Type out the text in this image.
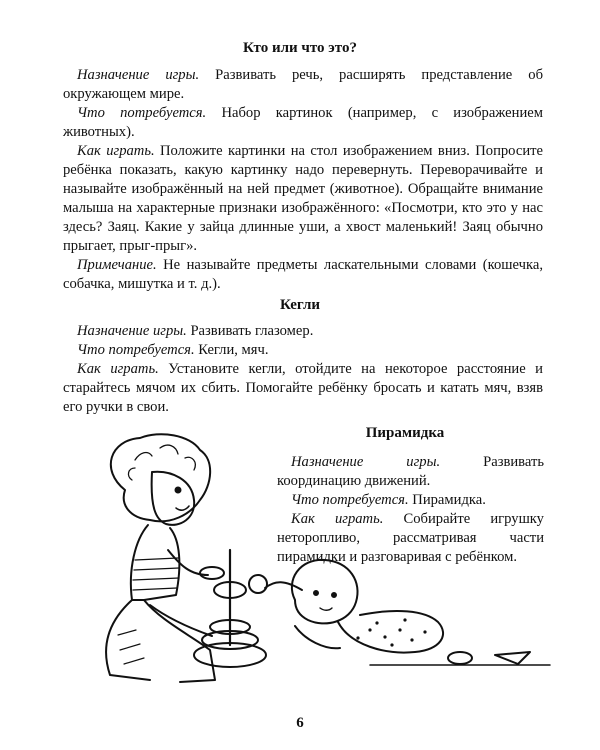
Кто или что это?

Назначение игры. Развивать речь, расширять представление об окружающем мире.

Что потребуется. Набор картинок (например, с изображением животных).

Как играть. Положите картинки на стол изображением вниз. Попросите ребёнка показать, какую картинку надо перевернуть. Переворачивайте и называйте изображённый на ней предмет (животное). Обращайте внимание малыша на характерные признаки изображённого: «Посмотри, кто это у нас здесь? Заяц. Какие у зайца длинные уши, а хвост маленький! Заяц обычно прыгает, прыг-прыг».

Примечание. Не называйте предметы ласкательными словами (кошечка, собачка, мишутка и т. д.).

Кегли

Назначение игры. Развивать глазомер.

Что потребуется. Кегли, мяч.

Как играть. Установите кегли, отойдите на некоторое расстояние и старайтесь мячом их сбить. Помогайте ребёнку бросать и катать мяч, взяв его ручки в свои.

Пирамидка

Назначение игры. Развивать координацию движений.

Что потребуется. Пирамидка.

Как играть. Собирайте игрушку неторопливо, рассматривая части пирамидки и разговаривая с ребёнком.

6
